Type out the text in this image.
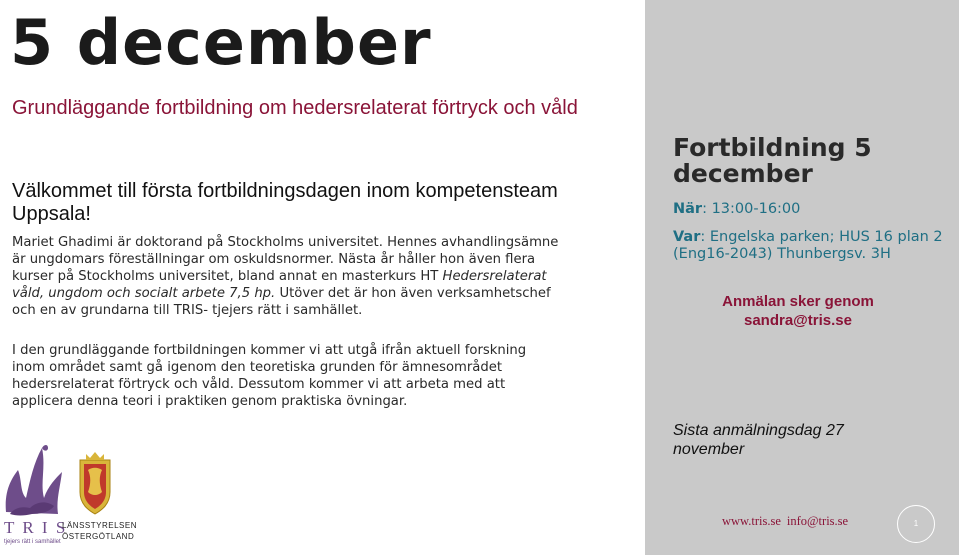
5 december
Grundläggande fortbildning om hedersrelaterat förtryck och våld
Välkommet till första fortbildningsdagen inom kompetensteam Uppsala!
Mariet Ghadimi är doktorand på Stockholms universitet. Hennes avhandlingsämne är ungdomars föreställningar om oskuldsnormer. Nästa år håller hon även flera kurser på Stockholms universitet, bland annat en masterkurs HT Hedersrelaterat våld, ungdom och socialt arbete 7,5 hp. Utöver det är hon även verksamhetschef och en av grundarna till TRIS- tjejers rätt i samhället.
I den grundläggande fortbildningen kommer vi att utgå ifrån aktuell forskning inom området samt gå igenom den teoretiska grunden för ämnesområdet hedersrelaterat förtryck och våld. Dessutom kommer vi att arbeta med att applicera denna teori i praktiken genom praktiska övningar.
T R I S
tjejers rätt i samhället
LÄNSSTYRELSEN
ÖSTERGÖTLAND
Fortbildning 5 december
När: 13:00-16:00
Var: Engelska parken; HUS 16 plan 2 (Eng16-2043) Thunbergsv. 3H
Anmälan sker genom sandra@tris.se
Sista anmälningsdag 27 november
www.tris.se info@tris.se	1
